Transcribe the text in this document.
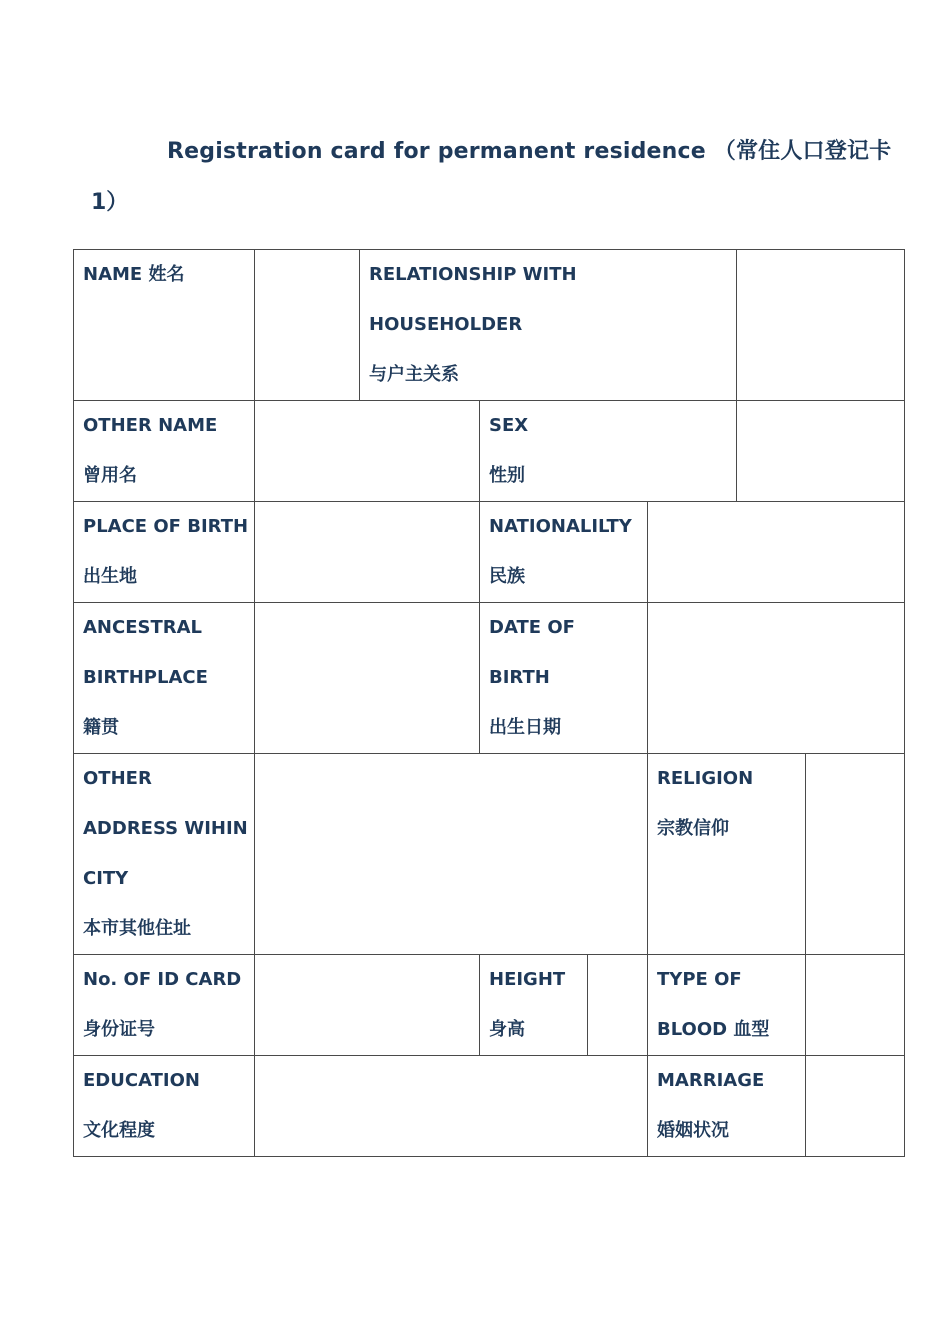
Registration card for permanent residence （常住人口登记卡
1）
NAME 姓名		RELATIONSHIP WITH
HOUSEHOLDER
与户主关系					

OTHER NAME
曾用名			SEX
性别				

PLACE OF BIRTH
出生地			NATIONALILTY
民族				

ANCESTRAL
BIRTHPLACE
籍贯			DATE OF
BIRTH
出生日期				

OTHER
ADDRESS WIHIN
CITY
本市其他住址					RELIGION
宗教信仰		

No. OF ID CARD
身份证号			HEIGHT
身高		TYPE OF
BLOOD 血型		

EDUCATION
文化程度					MARRIAGE
婚姻状况		
